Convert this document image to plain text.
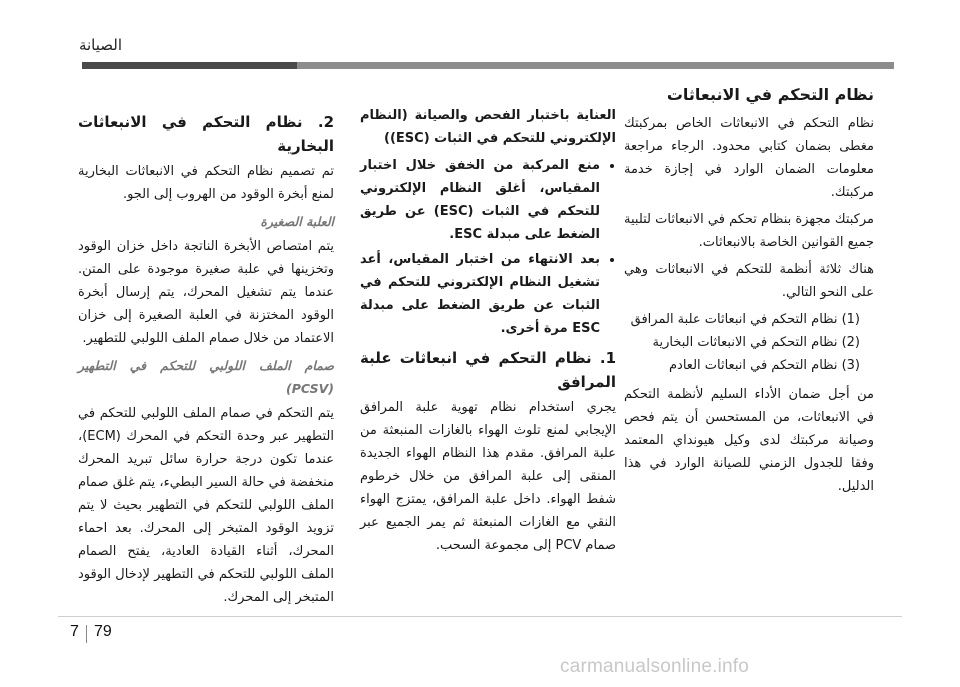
الصيانة
نظام التحكم في الانبعاثات

نظام التحكم في الانبعاثات الخاص بمركبتك مغطى بضمان كتابي محدود. الرجاء مراجعة معلومات الضمان الوارد في إجازة خدمة مركبتك.

مركبتك مجهزة بنظام تحكم في الانبعاثات لتلبية جميع القوانين الخاصة بالانبعاثات.

هناك ثلاثة أنظمة للتحكم في الانبعاثات وهي على النحو التالي.

(1) نظام التحكم في انبعاثات علبة المرافق
(2) نظام التحكم في الانبعاثات البخارية
(3) نظام التحكم في انبعاثات العادم

من أجل ضمان الأداء السليم لأنظمة التحكم في الانبعاثات، من المستحسن أن يتم فحص وصيانة مركبتك لدى وكيل هيونداي المعتمد وفقا للجدول الزمني للصيانة الوارد في هذا الدليل.

العناية باختبار الفحص والصيانة (النظام الإلكتروني للتحكم في الثبات (ESC))

• منع المركبة من الخفق خلال اختبار المقياس، أغلق النظام الإلكتروني للتحكم في الثبات (ESC) عن طريق الضغط على مبدلة ESC.
• بعد الانتهاء من اختبار المقياس، أعد تشغيل النظام الإلكتروني للتحكم في الثبات عن طريق الضغط على مبدلة ESC مرة أخرى.
1. نظام التحكم في انبعاثات علبة المرافق

يجري استخدام نظام تهوية علبة المرافق الإيجابي لمنع تلوث الهواء بالغازات المنبعثة من علبة المرافق. مقدم هذا النظام الهواء الجديدة المنقى إلى علبة المرافق من خلال خرطوم شفط الهواء. داخل علبة المرافق، يمتزج الهواء النقي مع الغازات المنبعثة ثم يمر الجميع عبر صمام PCV إلى مجموعة السحب.

2. نظام التحكم في الانبعاثات البخارية

تم تصميم نظام التحكم في الانبعاثات البخارية لمنع أبخرة الوقود من الهروب إلى الجو.

العلبة الصغيرة

يتم امتصاص الأبخرة الناتجة داخل خزان الوقود وتخزينها في علبة صغيرة موجودة على المتن. عندما يتم تشغيل المحرك، يتم إرسال أبخرة الوقود المختزنة في العلبة الصغيرة إلى خزان الاعتماد من خلال صمام الملف اللولبي للتطهير.

صمام الملف اللولبي للتحكم في التطهير (PCSV)

يتم التحكم في صمام الملف اللولبي للتحكم في التطهير عبر وحدة التحكم في المحرك (ECM)، عندما تكون درجة حرارة سائل تبريد المحرك منخفضة في حالة السير البطيء، يتم غلق صمام الملف اللولبي للتحكم في التطهير بحيث لا يتم تزويد الوقود المتبخر إلى المحرك. بعد احماء المحرك، أثناء القيادة العادية، يفتح الصمام الملف اللولبي للتحكم في التطهير لإدخال الوقود المتبخر إلى المحرك.

7 79
carmanualsonline.info
